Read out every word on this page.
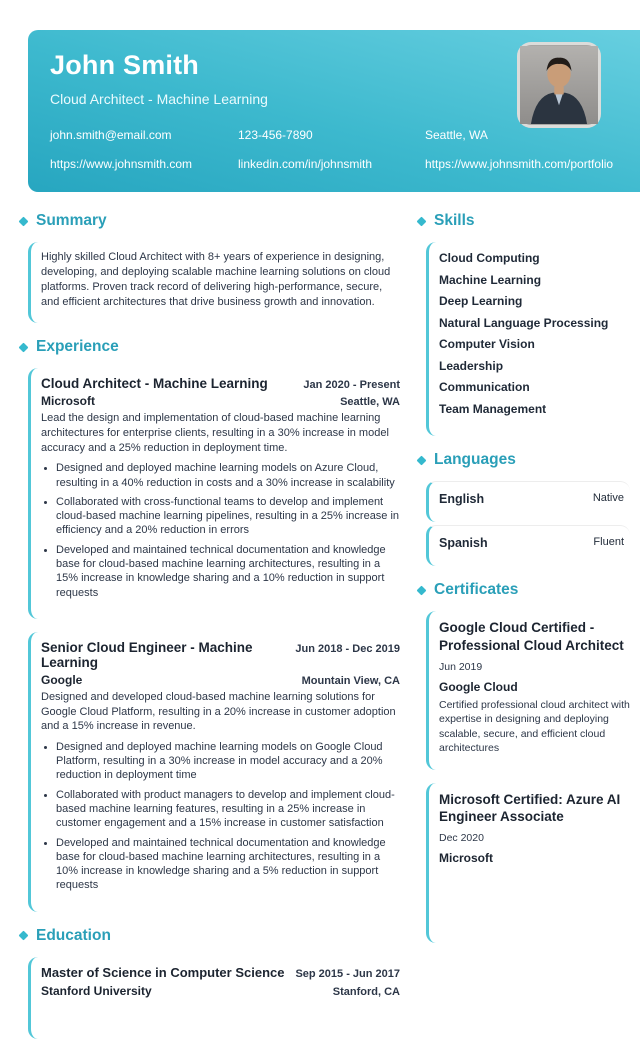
John Smith
Cloud Architect - Machine Learning
john.smith@email.com	123-456-7890	Seattle, WA
https://www.johnsmith.com	linkedin.com/in/johnsmith	https://www.johnsmith.com/portfolio
Summary
Highly skilled Cloud Architect with 8+ years of experience in designing, developing, and deploying scalable machine learning solutions on cloud platforms. Proven track record of delivering high-performance, secure, and efficient architectures that drive business growth and innovation.
Experience
Cloud Architect - Machine Learning	Jan 2020 - Present
Microsoft	Seattle, WA
Lead the design and implementation of cloud-based machine learning architectures for enterprise clients, resulting in a 30% increase in model accuracy and a 25% reduction in deployment time.
• Designed and deployed machine learning models on Azure Cloud, resulting in a 40% reduction in costs and a 30% increase in scalability
• Collaborated with cross-functional teams to develop and implement cloud-based machine learning pipelines, resulting in a 25% increase in efficiency and a 20% reduction in errors
• Developed and maintained technical documentation and knowledge base for cloud-based machine learning architectures, resulting in a 15% increase in knowledge sharing and a 10% reduction in support requests
Senior Cloud Engineer - Machine Learning
Jun 2018 - Dec 2019
Google	Mountain View, CA
Designed and developed cloud-based machine learning solutions for Google Cloud Platform, resulting in a 20% increase in customer adoption and a 15% increase in revenue.
• Designed and deployed machine learning models on Google Cloud Platform, resulting in a 30% increase in model accuracy and a 20% reduction in deployment time
• Collaborated with product managers to develop and implement cloud-based machine learning features, resulting in a 25% increase in customer engagement and a 15% increase in customer satisfaction
• Developed and maintained technical documentation and knowledge base for cloud-based machine learning architectures, resulting in a 10% increase in knowledge sharing and a 5% reduction in support requests
Education
Master of Science in Computer Science Sep 2015 - Jun 2017
Stanford University	Stanford, CA
Skills
Cloud Computing
Machine Learning
Deep Learning
Natural Language Processing
Computer Vision
Leadership
Communication
Team Management
Languages
English	Native
Spanish	Fluent
Certificates
Google Cloud Certified - Professional Cloud Architect
Jun 2019
Google Cloud
Certified professional cloud architect with expertise in designing and deploying scalable, secure, and efficient cloud architectures
Microsoft Certified: Azure AI Engineer Associate
Dec 2020
Microsoft
